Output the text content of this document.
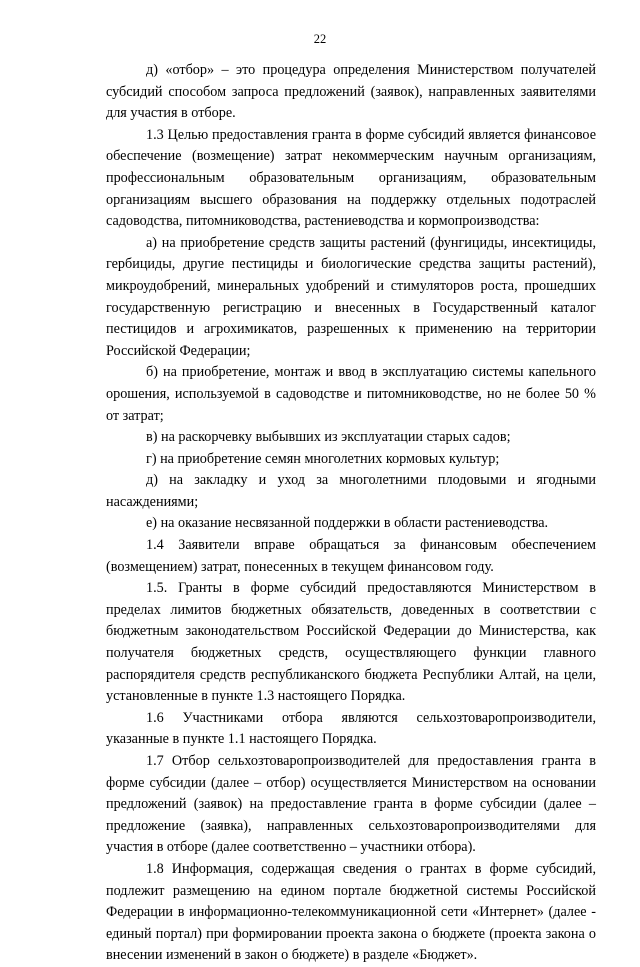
22

д) «отбор» – это процедура определения Министерством получателей субсидий способом запроса предложений (заявок), направленных заявителями для участия в отборе.

1.3 Целью предоставления гранта в форме субсидий является финансовое обеспечение (возмещение) затрат некоммерческим научным организациям, профессиональным образовательным организациям, образовательным организациям высшего образования на поддержку отдельных подотраслей садоводства, питомниководства, растениеводства и кормопроизводства:

а) на приобретение средств защиты растений (фунгициды, инсектициды, гербициды, другие пестициды и биологические средства защиты растений), микроудобрений, минеральных удобрений и стимуляторов роста, прошедших государственную регистрацию и внесенных в Государственный каталог пестицидов и агрохимикатов, разрешенных к применению на территории Российской Федерации;

б) на приобретение, монтаж и ввод в эксплуатацию системы капельного орошения, используемой в садоводстве и питомниководстве, но не более 50 % от затрат;

в) на раскорчевку выбывших из эксплуатации старых садов;

г) на приобретение семян многолетних кормовых культур;

д) на закладку и уход за многолетними плодовыми и ягодными насаждениями;

е) на оказание несвязанной поддержки в области растениеводства.

1.4 Заявители вправе обращаться за финансовым обеспечением (возмещением) затрат, понесенных в текущем финансовом году.

1.5. Гранты в форме субсидий предоставляются Министерством в пределах лимитов бюджетных обязательств, доведенных в соответствии с бюджетным законодательством Российской Федерации до Министерства, как получателя бюджетных средств, осуществляющего функции главного распорядителя средств республиканского бюджета Республики Алтай, на цели, установленные в пункте 1.3 настоящего Порядка.

1.6 Участниками отбора являются сельхозтоваропроизводители, указанные в пункте 1.1 настоящего Порядка.

1.7 Отбор сельхозтоваропроизводителей для предоставления гранта в форме субсидии (далее – отбор) осуществляется Министерством на основании предложений (заявок) на предоставление гранта в форме субсидии (далее – предложение (заявка), направленных сельхозтоваропроизводителями для участия в отборе (далее соответственно – участники отбора).

1.8 Информация, содержащая сведения о грантах в форме субсидий, подлежит размещению на едином портале бюджетной системы Российской Федерации в информационно-телекоммуникационной сети «Интернет» (далее - единый портал) при формировании проекта закона о бюджете (проекта закона о внесении изменений в закон о бюджете) в разделе «Бюджет».
